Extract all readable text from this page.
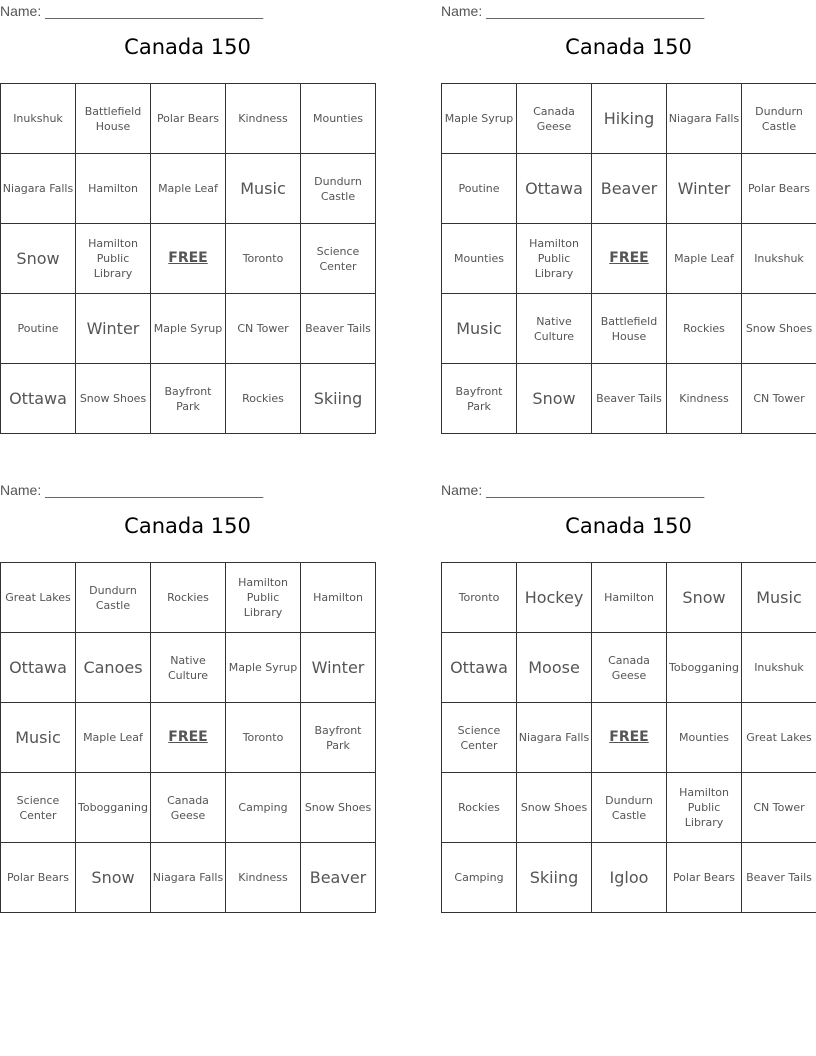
Name: ____________________________
Canada 150
Inukshuk	Battlefield House	Polar Bears	Kindness	Mounties
Niagara Falls	Hamilton	Maple Leaf	Music	Dundurn Castle
Snow	Hamilton Public Library	FREE	Toronto	Science Center
Poutine	Winter	Maple Syrup	CN Tower	Beaver Tails
Ottawa	Snow Shoes	Bayfront Park	Rockies	Skiing
Name: ____________________________
Canada 150
Maple Syrup	Canada Geese	Hiking	Niagara Falls	Dundurn Castle
Poutine	Ottawa	Beaver	Winter	Polar Bears
Mounties	Hamilton Public Library	FREE	Maple Leaf	Inukshuk
Music	Native Culture	Battlefield House	Rockies	Snow Shoes
Bayfront Park	Snow	Beaver Tails	Kindness	CN Tower
Name: ____________________________
Canada 150
Great Lakes	Dundurn Castle	Rockies	Hamilton Public Library	Hamilton
Ottawa	Canoes	Native Culture	Maple Syrup	Winter
Music	Maple Leaf	FREE	Toronto	Bayfront Park
Science Center	Tobogganing	Canada Geese	Camping	Snow Shoes
Polar Bears	Snow	Niagara Falls	Kindness	Beaver
Name: ____________________________
Canada 150
Toronto	Hockey	Hamilton	Snow	Music
Ottawa	Moose	Canada Geese	Tobogganing	Inukshuk
Science Center	Niagara Falls	FREE	Mounties	Great Lakes
Rockies	Snow Shoes	Dundurn Castle	Hamilton Public Library	CN Tower
Camping	Skiing	Igloo	Polar Bears	Beaver Tails
